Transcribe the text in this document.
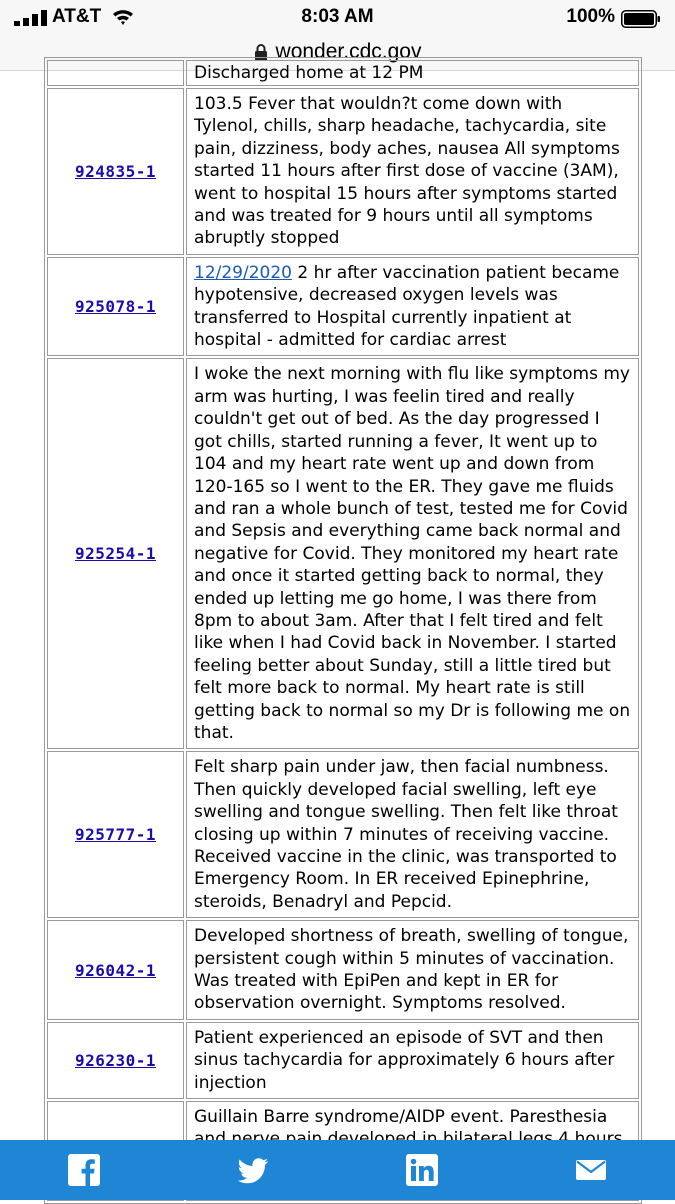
AT&T	8:03 AM	100%
wonder.cdc.gov

	Discharged home at 12 PM

924835-1	103.5 Fever that wouldn?t come down with Tylenol, chills, sharp headache, tachycardia, site pain, dizziness, body aches, nausea All symptoms started 11 hours after first dose of vaccine (3AM), went to hospital 15 hours after symptoms started and was treated for 9 hours until all symptoms abruptly stopped
925078-1	12/29/2020 2 hr after vaccination patient became hypotensive, decreased oxygen levels was transferred to Hospital currently inpatient at hospital - admitted for cardiac arrest
925254-1	I woke the next morning with flu like symptoms my arm was hurting, I was feelin tired and really couldn't get out of bed. As the day progressed I got chills, started running a fever, It went up to 104 and my heart rate went up and down from 120-165 so I went to the ER. They gave me fluids and ran a whole bunch of test, tested me for Covid and Sepsis and everything came back normal and negative for Covid. They monitored my heart rate and once it started getting back to normal, they ended up letting me go home, I was there from 8pm to about 3am. After that I felt tired and felt like when I had Covid back in November. I started feeling better about Sunday, still a little tired but felt more back to normal. My heart rate is still getting back to normal so my Dr is following me on that.
925777-1	Felt sharp pain under jaw, then facial numbness. Then quickly developed facial swelling, left eye swelling and tongue swelling. Then felt like throat closing up within 7 minutes of receiving vaccine. Received vaccine in the clinic, was transported to Emergency Room. In ER received Epinephrine, steroids, Benadryl and Pepcid.
926042-1	Developed shortness of breath, swelling of tongue, persistent cough within 5 minutes of vaccination. Was treated with EpiPen and kept in ER for observation overnight. Symptoms resolved.
926230-1	Patient experienced an episode of SVT and then sinus tachycardia for approximately 6 hours after injection
	Guillain Barre syndrome/AIDP event. Paresthesia
